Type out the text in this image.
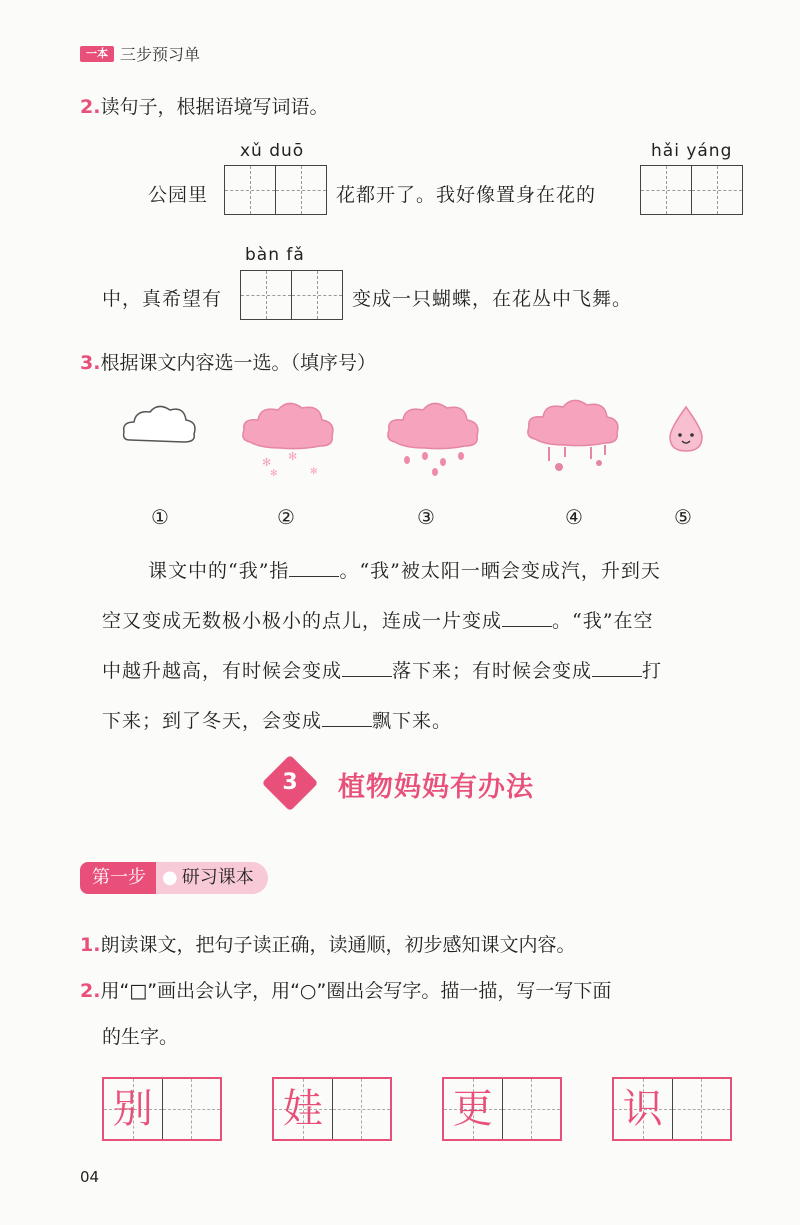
一本 三步预习单
2.读句子，根据语境写词语。
xǔ duō
公园里	花都开了。我好像置身在花的
hǎi yáng
bàn fǎ
中，真希望有	变成一只蝴蝶，在花丛中飞舞。
3.根据课文内容选一选。（填序号）
✻ ✻
✻	✻
①	②	③	④	⑤
课文中的“我”指	。“我”被太阳一晒会变成汽，升到天
空又变成无数极小极小的点儿，连成一片变成	。“我”在空
中越升越高，有时候会变成	落下来；有时候会变成	打
下来；到了冬天，会变成	飘下来。
3	植物妈妈有办法
第一步 ● 研习课本
1.朗读课文，把句子读正确，读通顺，初步感知课文内容。
2.用“□”画出会认字，用“○”圈出会写字。描一描，写一写下面
的生字。
别	娃	更	识
04
